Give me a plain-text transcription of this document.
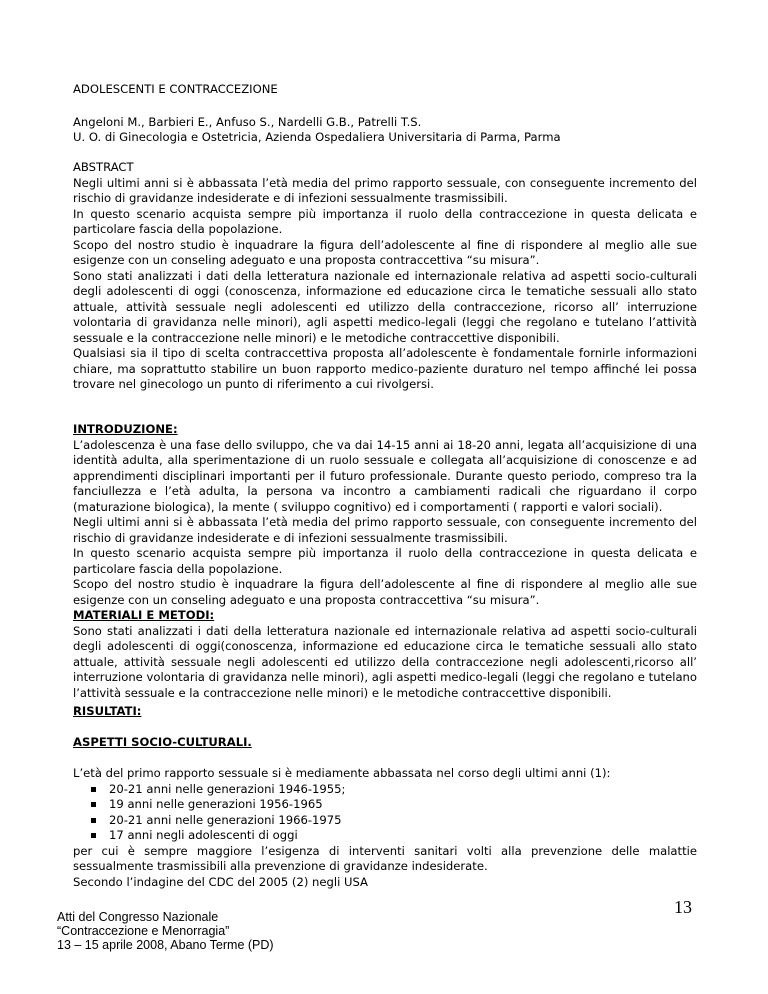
ADOLESCENTI E CONTRACCEZIONE

Angeloni M., Barbieri E., Anfuso S., Nardelli G.B., Patrelli T.S.

U. O. di Ginecologia e Ostetricia, Azienda Ospedaliera Universitaria di Parma, Parma

ABSTRACT

Negli ultimi anni si è abbassata l’età media del primo rapporto sessuale, con conseguente incremento del rischio di gravidanze indesiderate e di infezioni sessualmente trasmissibili.

In questo scenario acquista sempre più importanza il ruolo della contraccezione in questa delicata e particolare fascia della popolazione.

Scopo del nostro studio è inquadrare la figura dell’adolescente al fine di rispondere al meglio alle sue esigenze con un conseling adeguato e una proposta contraccettiva “su misura”.

Sono stati analizzati i dati della letteratura nazionale ed internazionale relativa ad aspetti socio-culturali degli adolescenti di oggi (conoscenza, informazione ed educazione circa le tematiche sessuali allo stato attuale, attività sessuale negli adolescenti ed utilizzo della contraccezione, ricorso all’ interruzione volontaria di gravidanza nelle minori), agli aspetti medico-legali (leggi che regolano e tutelano l’attività sessuale e la contraccezione nelle minori) e le metodiche contraccettive disponibili.

Qualsiasi sia il tipo di scelta contraccettiva proposta all’adolescente è fondamentale fornirle informazioni chiare, ma soprattutto stabilire un buon rapporto medico-paziente duraturo nel tempo affinché lei possa trovare nel ginecologo un punto di riferimento a cui rivolgersi.

INTRODUZIONE:

L’adolescenza è una fase dello sviluppo, che va dai 14-15 anni ai 18-20 anni, legata all’acquisizione di una identità adulta, alla sperimentazione di un ruolo sessuale e collegata all’acquisizione di conoscenze e ad apprendimenti disciplinari importanti per il futuro professionale. Durante questo periodo, compreso tra la fanciullezza e l’età adulta, la persona va incontro a cambiamenti radicali che riguardano il corpo (maturazione biologica), la mente ( sviluppo cognitivo) ed i comportamenti ( rapporti e valori sociali).

Negli ultimi anni si è abbassata l’età media del primo rapporto sessuale, con conseguente incremento del rischio di gravidanze indesiderate e di infezioni sessualmente trasmissibili.

In questo scenario acquista sempre più importanza il ruolo della contraccezione in questa delicata e particolare fascia della popolazione.

Scopo del nostro studio è inquadrare la figura dell’adolescente al fine di rispondere al meglio alle sue esigenze con un conseling adeguato e una proposta contraccettiva “su misura”.

MATERIALI E METODI:

Sono stati analizzati i dati della letteratura nazionale ed internazionale relativa ad aspetti socio-culturali degli adolescenti di oggi(conoscenza, informazione ed educazione circa le tematiche sessuali allo stato attuale, attività sessuale negli adolescenti ed utilizzo della contraccezione negli adolescenti,ricorso all’ interruzione volontaria di gravidanza nelle minori), agli aspetti medico-legali (leggi che regolano e tutelano l’attività sessuale e la contraccezione nelle minori) e le metodiche contraccettive disponibili.

RISULTATI:

ASPETTI SOCIO-CULTURALI.

L’età del primo rapporto sessuale si è mediamente abbassata nel corso degli ultimi anni (1):

20-21 anni nelle generazioni 1946-1955;
19 anni nelle generazioni 1956-1965
20-21 anni nelle generazioni 1966-1975
17 anni negli adolescenti di oggi

per cui è sempre maggiore l’esigenza di interventi sanitari volti alla prevenzione delle malattie sessualmente trasmissibili alla prevenzione di gravidanze indesiderate.

Secondo l’indagine del CDC del 2005 (2) negli USA

13
Atti del Congresso Nazionale
“Contraccezione e Menorragia”
13 – 15 aprile 2008, Abano Terme (PD)
